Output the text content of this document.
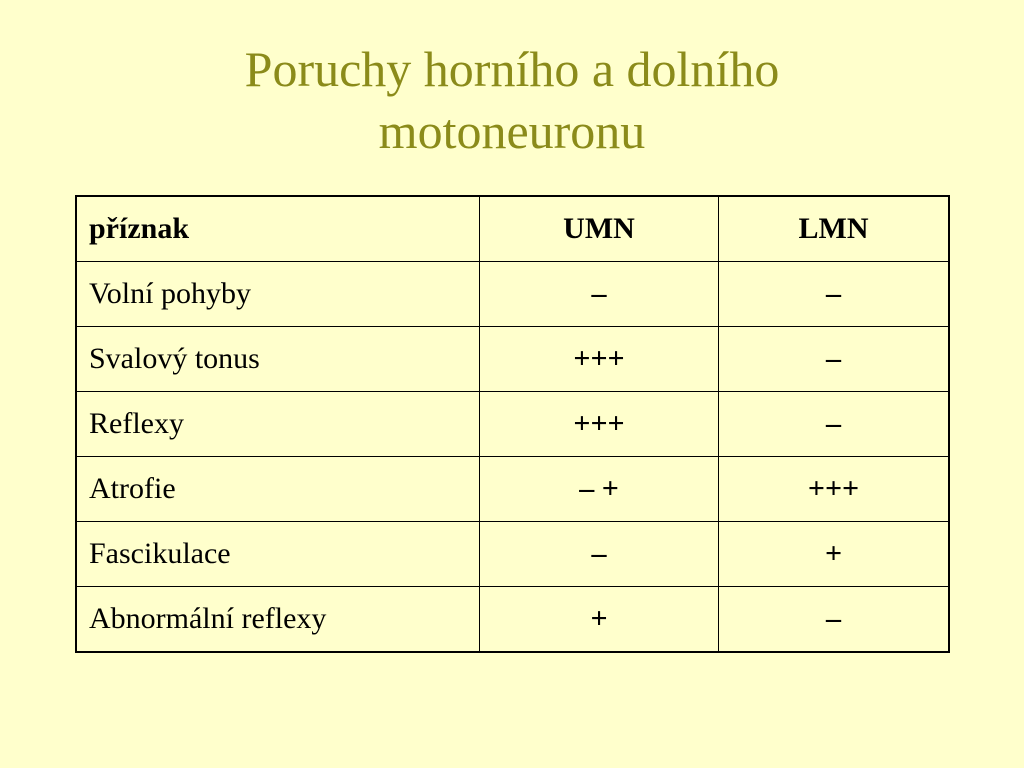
Poruchy horního a dolního
motoneuronu
příznak	UMN	LMN
Volní pohyby	–	–
Svalový tonus	+++	–
Reflexy	+++	–
Atrofie	– +	+++
Fascikulace	–	+
Abnormální reflexy	+	–
